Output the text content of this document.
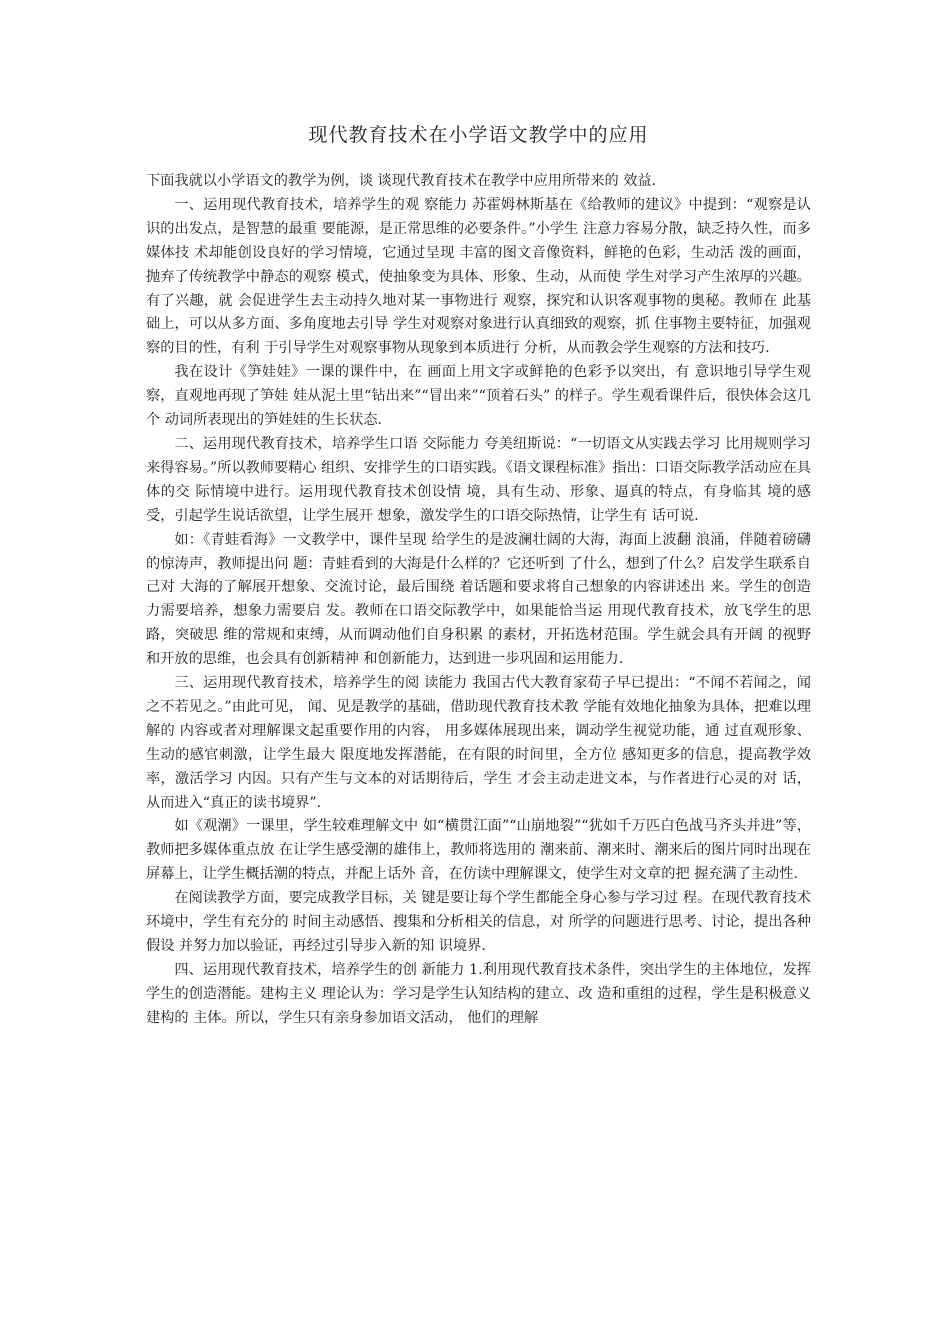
现代教育技术在小学语文教学中的应用

下面我就以小学语文的教学为例，谈 谈现代教育技术在教学中应用所带来的 效益.

一、运用现代教育技术，培养学生的观 察能力 苏霍姆林斯基在《给教师的建议》中提到：“观察是认识的出发点，是智慧的最重 要能源，是正常思维的必要条件。”小学生 注意力容易分散，缺乏持久性，而多媒体技 术却能创设良好的学习情境，它通过呈现 丰富的图文音像资料，鲜艳的色彩，生动活 泼的画面，抛弃了传统教学中静态的观察 模式，使抽象变为具体、形象、生动，从而使 学生对学习产生浓厚的兴趣。有了兴趣，就 会促进学生去主动持久地对某一事物进行 观察，探究和认识客观事物的奥秘。教师在 此基础上，可以从多方面、多角度地去引导 学生对观察对象进行认真细致的观察，抓 住事物主要特征，加强观察的目的性，有利 于引导学生对观察事物从现象到本质进行 分析，从而教会学生观察的方法和技巧.

我在设计《笋娃娃》一课的课件中，在 画面上用文字或鲜艳的色彩予以突出，有 意识地引导学生观察，直观地再现了笋娃 娃从泥土里“钻出来”“冒出来”“顶着石头” 的样子。学生观看课件后，很快体会这几个 动词所表现出的笋娃娃的生长状态.

二、运用现代教育技术，培养学生口语 交际能力 夸美纽斯说：“一切语文从实践去学习 比用规则学习来得容易。”所以教师要精心 组织、安排学生的口语实践。《语文课程标准》指出：口语交际教学活动应在具体的交 际情境中进行。运用现代教育技术创设情 境，具有生动、形象、逼真的特点，有身临其 境的感受，引起学生说话欲望，让学生展开 想象，激发学生的口语交际热情，让学生有 话可说.

如：《青蛙看海》一文教学中，课件呈现 给学生的是波澜壮阔的大海，海面上波翻 浪涌，伴随着磅礴的惊涛声，教师提出问 题：青蛙看到的大海是什么样的？它还听到 了什么，想到了什么？启发学生联系自己对 大海的了解展开想象、交流讨论，最后围绕 着话题和要求将自己想象的内容讲述出 来。学生的创造力需要培养，想象力需要启 发。教师在口语交际教学中，如果能恰当运 用现代教育技术，放飞学生的思路，突破思 维的常规和束缚，从而调动他们自身积累 的素材，开拓选材范围。学生就会具有开阔 的视野和开放的思维，也会具有创新精神 和创新能力，达到进一步巩固和运用能力.

三、运用现代教育技术，培养学生的阅 读能力 我国古代大教育家荀子早已提出：“不闻不若闻之，闻之不若见之。”由此可见， 闻、见是教学的基础，借助现代教育技术教 学能有效地化抽象为具体，把难以理解的 内容或者对理解课文起重要作用的内容， 用多媒体展现出来，调动学生视觉功能，通 过直观形象、生动的感官刺激，让学生最大 限度地发挥潜能，在有限的时间里，全方位 感知更多的信息，提高教学效率，激活学习 内因。只有产生与文本的对话期待后，学生 才会主动走进文本，与作者进行心灵的对 话，从而进入“真正的读书境界”.

如《观潮》一课里，学生较难理解文中 如“横贯江面”“山崩地裂”“犹如千万匹白色战马齐头并进”等，教师把多媒体重点放 在让学生感受潮的雄伟上，教师将选用的 潮来前、潮来时、潮来后的图片同时出现在 屏幕上，让学生概括潮的特点，并配上话外 音，在仿读中理解课文，使学生对文章的把 握充满了主动性.

在阅读教学方面，要完成教学目标，关 键是要让每个学生都能全身心参与学习过 程。在现代教育技术环境中，学生有充分的 时间主动感悟、搜集和分析相关的信息，对 所学的问题进行思考、讨论，提出各种假设 并努力加以验证，再经过引导步入新的知 识境界.

四、运用现代教育技术，培养学生的创 新能力 1.利用现代教育技术条件，突出学生的主体地位，发挥学生的创造潜能。建构主义 理论认为：学习是学生认知结构的建立、改 造和重组的过程，学生是积极意义建构的 主体。所以，学生只有亲身参加语文活动， 他们的理解
